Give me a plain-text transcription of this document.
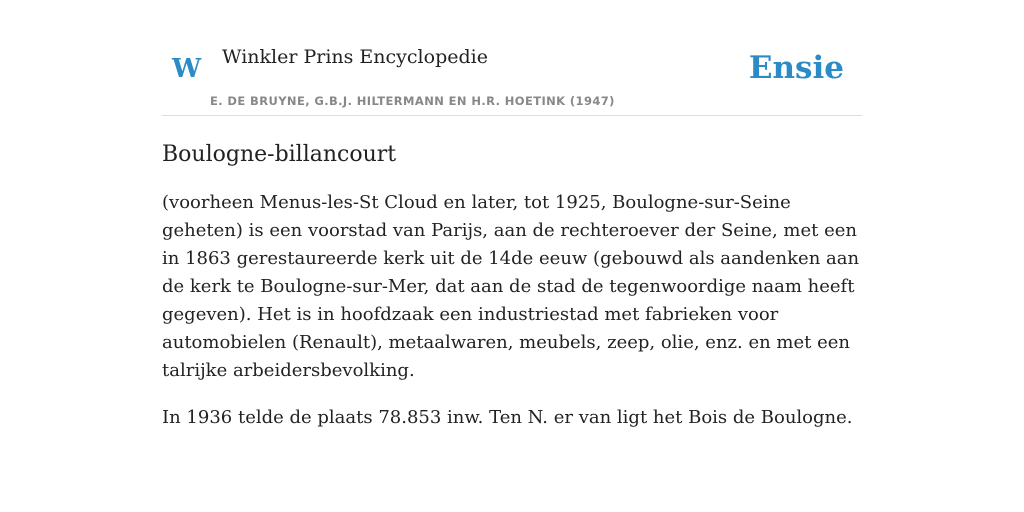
W Winkler Prins Encyclopedie
E. DE BRUYNE, G.B.J. HILTERMANN EN H.R. HOETINK (1947)
Ensie
Boulogne-billancourt

(voorheen Menus-les-St Cloud en later, tot 1925, Boulogne-sur-Seine geheten) is een voorstad van Parijs, aan de rechteroever der Seine, met een in 1863 gerestaureerde kerk uit de 14de eeuw (gebouwd als aandenken aan de kerk te Boulogne-sur-Mer, dat aan de stad de tegenwoordige naam heeft gegeven). Het is in hoofdzaak een industriestad met fabrieken voor automobielen (Renault), metaalwaren, meubels, zeep, olie, enz. en met een talrijke arbeidersbevolking.

In 1936 telde de plaats 78.853 inw. Ten N. er van ligt het Bois de Boulogne.
